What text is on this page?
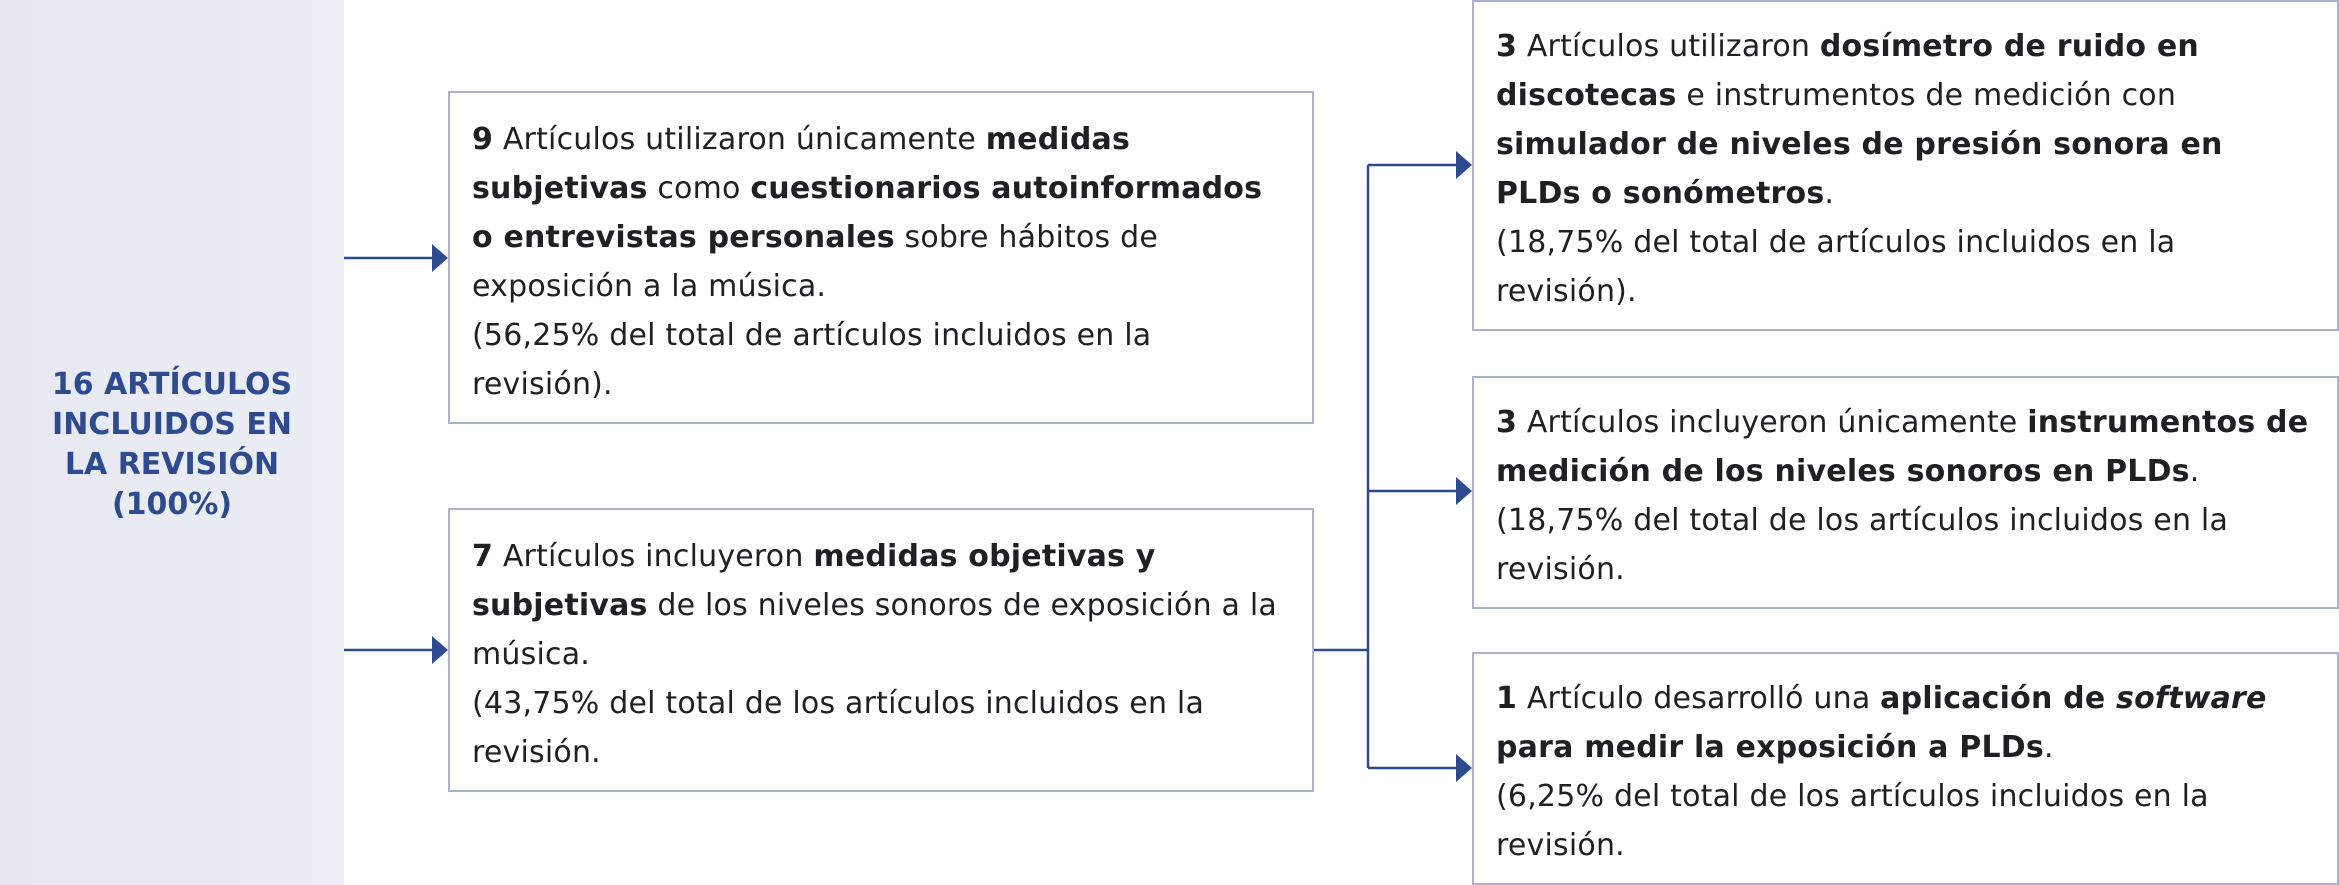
16 ARTÍCULOS
INCLUIDOS EN
LA REVISIÓN
(100%)
9 Artículos utilizaron únicamente medidas subjetivas como cuestionarios autoinformados o entrevistas personales sobre hábitos de exposición a la música.
(56,25% del total de artículos incluidos en la revisión).
7 Artículos incluyeron medidas objetivas y subjetivas de los niveles sonoros de exposición a la música.
(43,75% del total de los artículos incluidos en la revisión.
3 Artículos utilizaron dosímetro de ruido en discotecas e instrumentos de medición con simulador de niveles de presión sonora en PLDs o sonómetros.
(18,75% del total de artículos incluidos en la revisión).
3 Artículos incluyeron únicamente instrumentos de medición de los niveles sonoros en PLDs.
(18,75% del total de los artículos incluidos en la revisión.
1 Artículo desarrolló una aplicación de software para medir la exposición a PLDs.
(6,25% del total de los artículos incluidos en la revisión.
